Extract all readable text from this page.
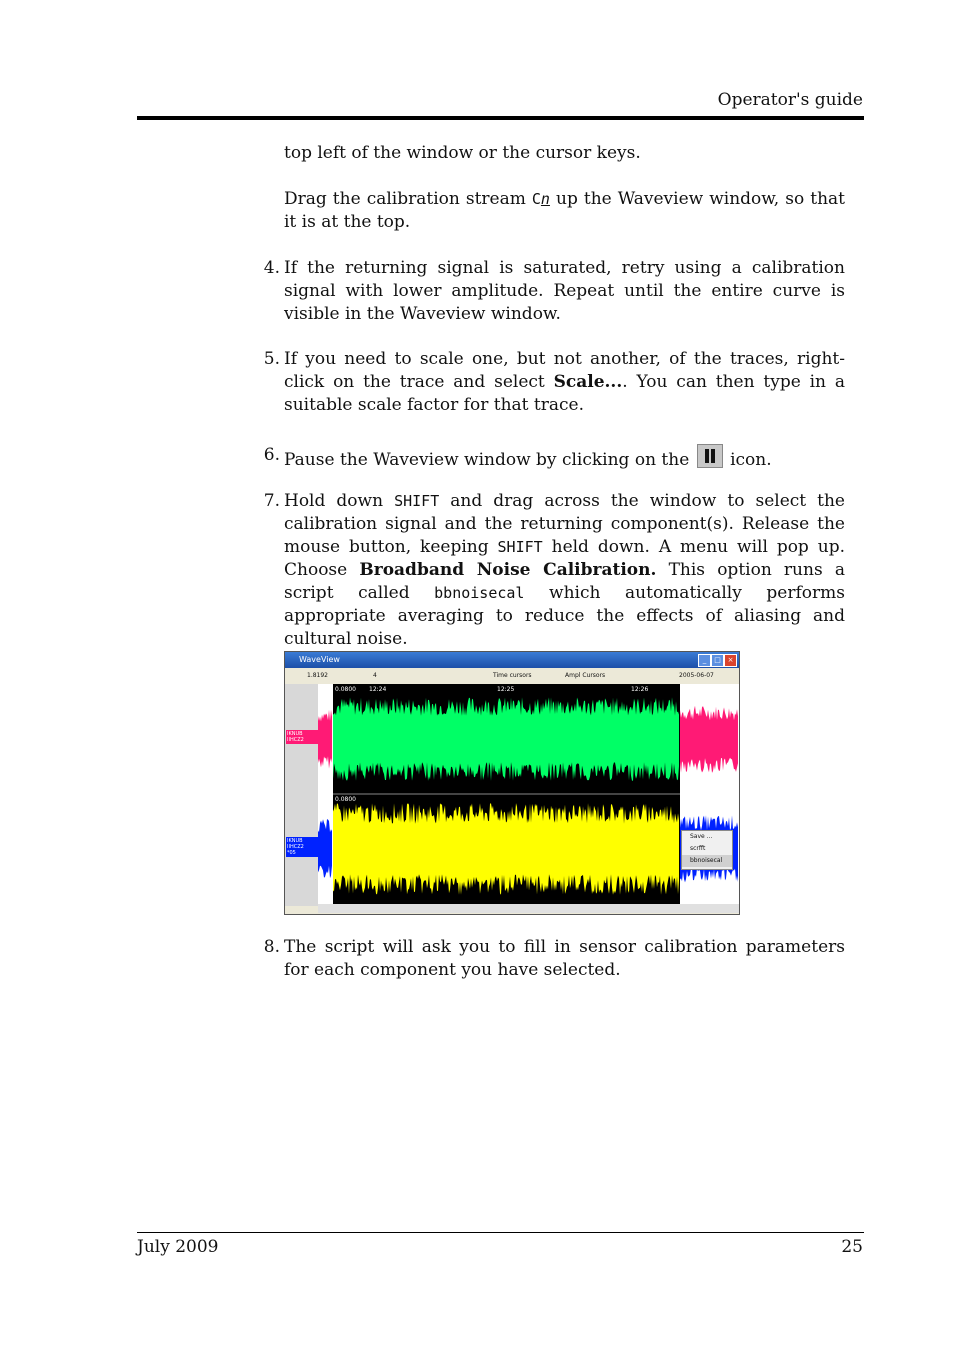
Operator's guide
top left of the window or the cursor keys.
Drag the calibration stream Cn up the Waveview window, so that it is at the top.
4. If the returning signal is saturated, retry using a calibration signal with lower amplitude. Repeat until the entire curve is visible in the Waveview window.
5. If you need to scale one, but not another, of the traces, right-click on the trace and select Scale.... You can then type in a suitable scale factor for that trace.
6. Pause the Waveview window by clicking on the  icon.
7. Hold down SHIFT and drag across the window to select the calibration signal and the returning component(s). Release the mouse button, keeping SHIFT held down. A menu will pop up. Choose Broadband Noise Calibration. This option runs a script called bbnoisecal which automatically performs appropriate averaging to reduce the effects of aliasing and cultural noise.
WaveView	_	□ ×
1.8192	4	Time cursors	Ampl Cursors	2005-06-07
IKNUB
IIHCZ2
IKNUB
IIHCZ2
*05
0.0800 12:24	12:25	12:26
0.0800
Save ...
scrfft
bbnoisecal
8. The script will ask you to fill in sensor calibration parameters for each component you have selected.
July 2009	25
